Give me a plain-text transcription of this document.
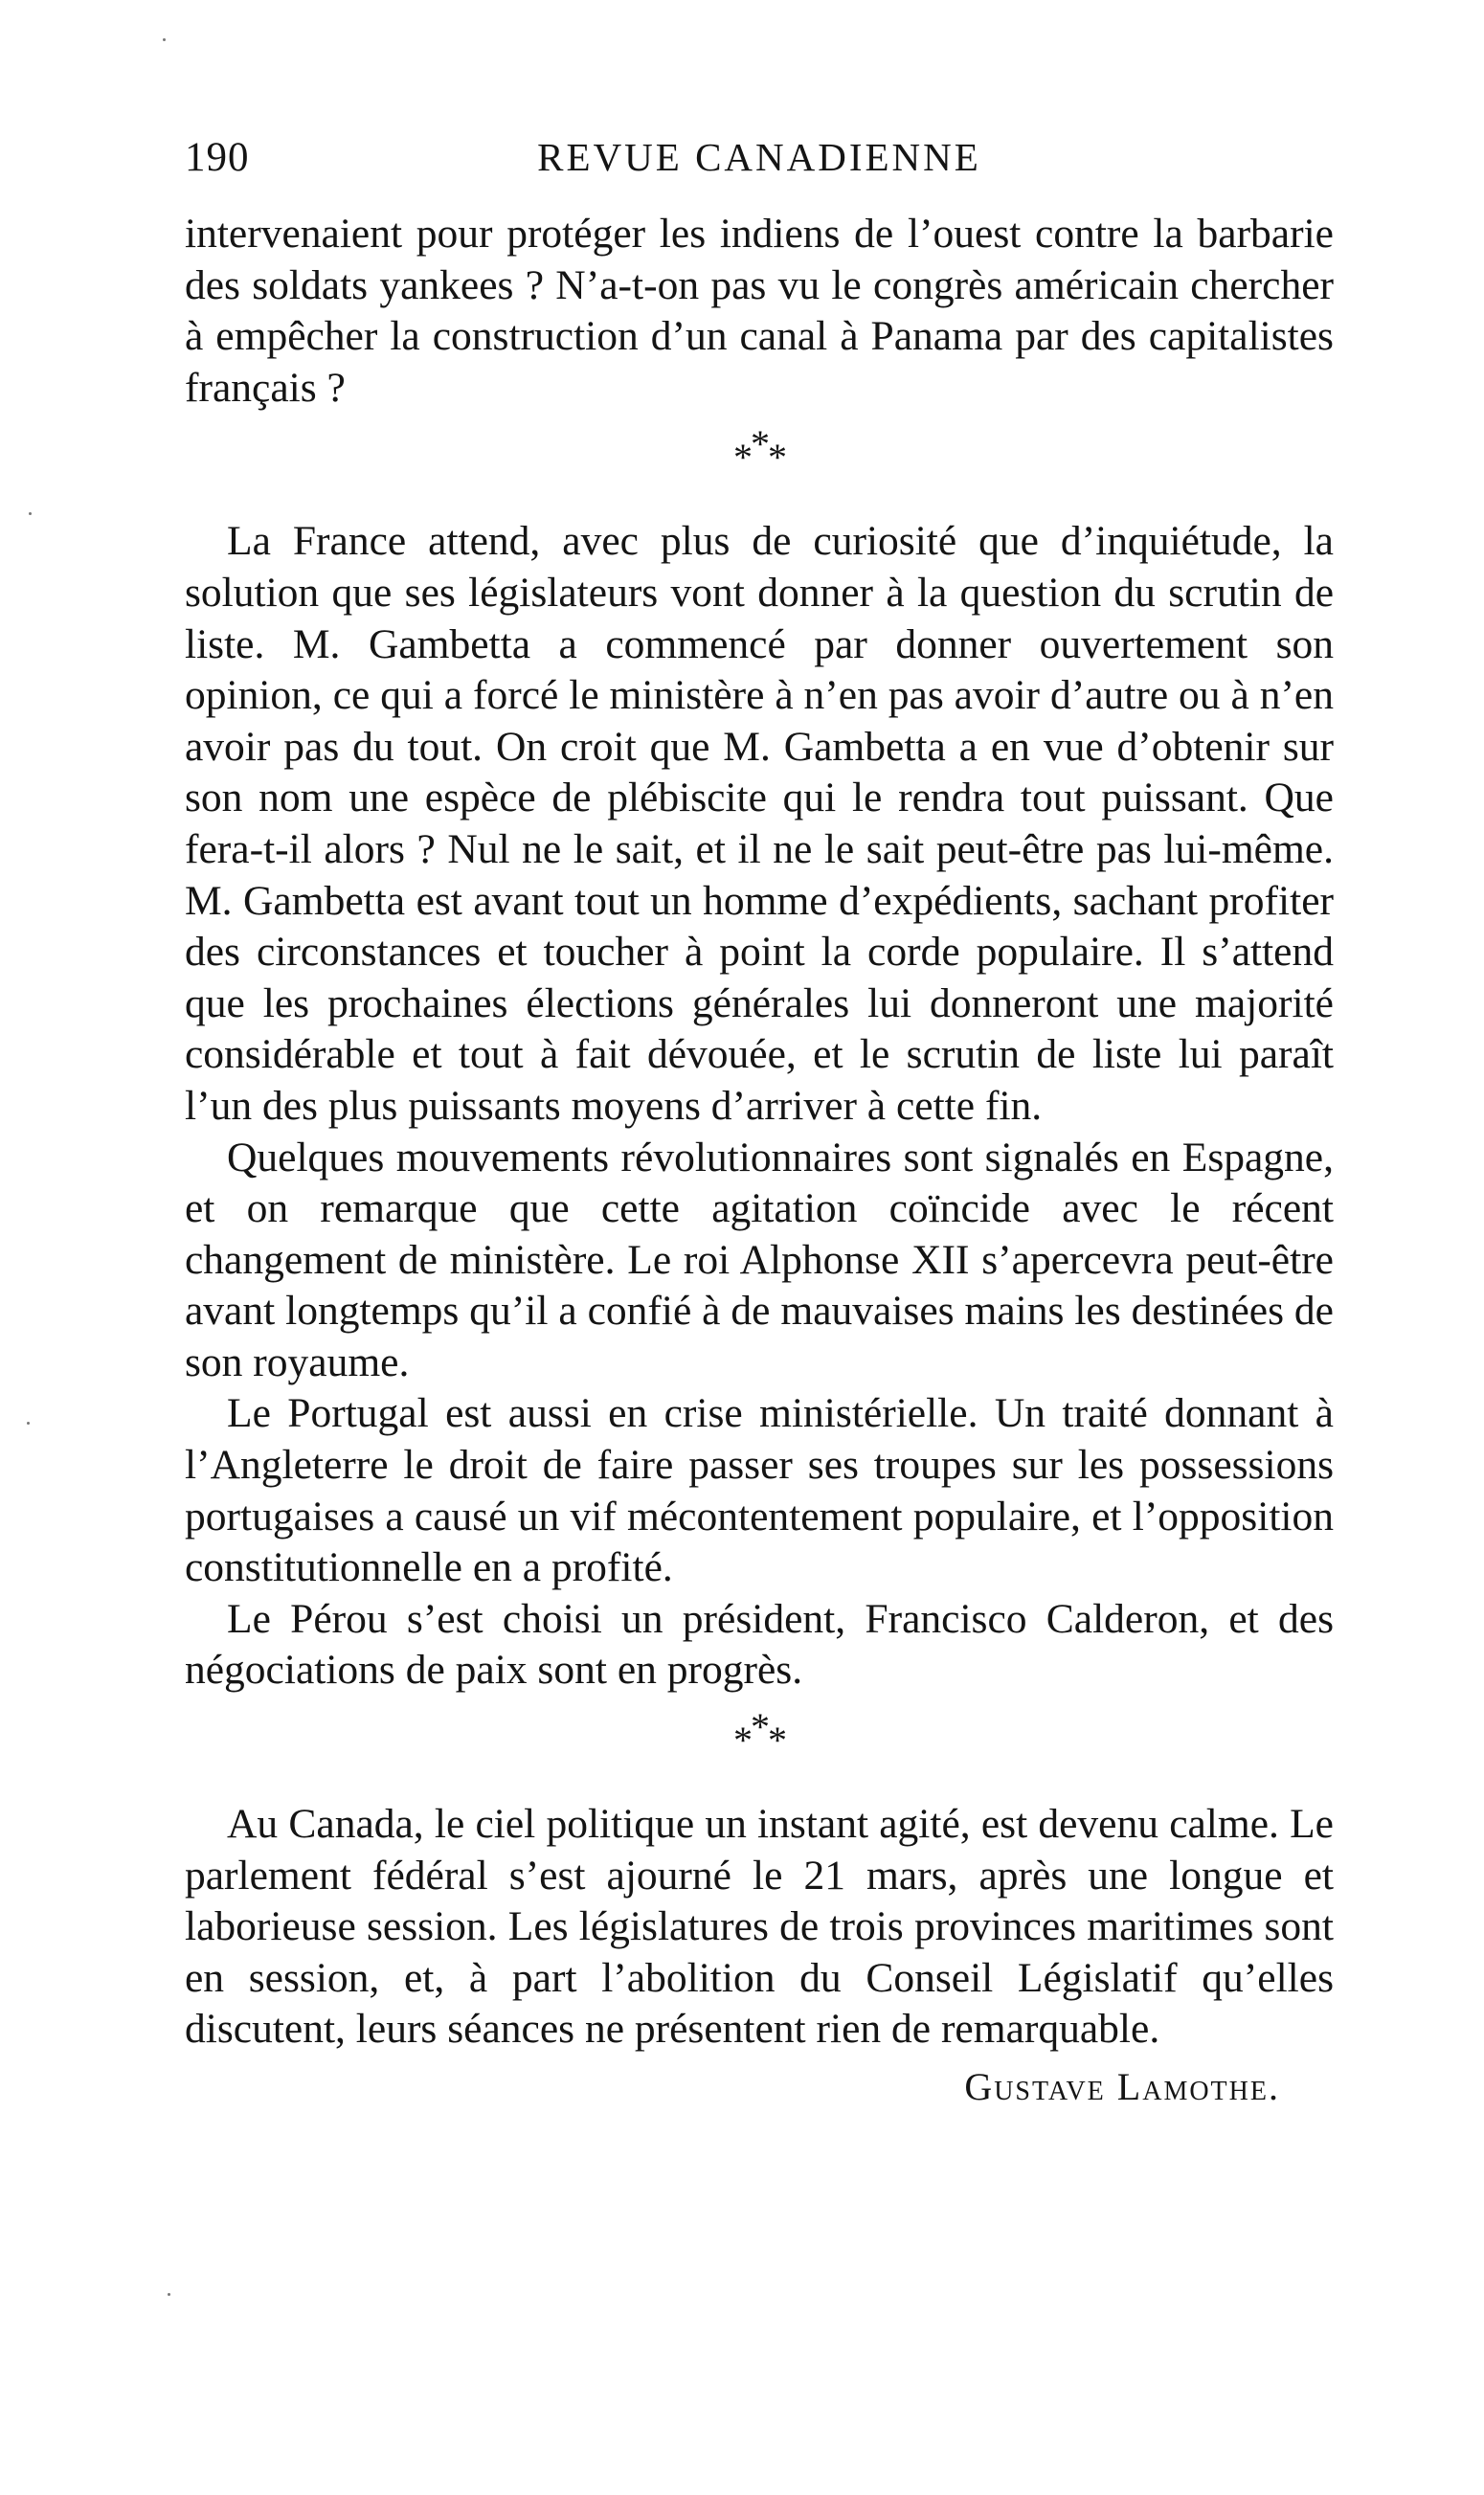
190	REVUE CANADIENNE

intervenaient pour protéger les indiens de l’ouest contre la barbarie des soldats yankees ? N’a-t-on pas vu le congrès américain chercher à empêcher la construction d’un canal à Panama par des capitalistes français ?

***

La France attend, avec plus de curiosité que d’inquiétude, la solution que ses législateurs vont donner à la question du scrutin de liste. M. Gambetta a commencé par donner ouvertement son opinion, ce qui a forcé le ministère à n’en pas avoir d’autre ou à n’en avoir pas du tout. On croit que M. Gambetta a en vue d’obtenir sur son nom une espèce de plébiscite qui le rendra tout puissant. Que fera-t-il alors ? Nul ne le sait, et il ne le sait peut-être pas lui-même. M. Gambetta est avant tout un homme d’expédients, sachant profiter des circonstances et toucher à point la corde populaire. Il s’attend que les prochaines élections générales lui donneront une majorité considérable et tout à fait dévouée, et le scrutin de liste lui paraît l’un des plus puissants moyens d’arriver à cette fin.

Quelques mouvements révolutionnaires sont signalés en Espagne, et on remarque que cette agitation coïncide avec le récent changement de ministère. Le roi Alphonse XII s’apercevra peut-être avant longtemps qu’il a confié à de mauvaises mains les destinées de son royaume.

Le Portugal est aussi en crise ministérielle. Un traité donnant à l’Angleterre le droit de faire passer ses troupes sur les possessions portugaises a causé un vif mécontentement populaire, et l’opposition constitutionnelle en a profité.

Le Pérou s’est choisi un président, Francisco Calderon, et des négociations de paix sont en progrès.

***

Au Canada, le ciel politique un instant agité, est devenu calme. Le parlement fédéral s’est ajourné le 21 mars, après une longue et laborieuse session. Les législatures de trois provinces maritimes sont en session, et, à part l’abolition du Conseil Législatif qu’elles discutent, leurs séances ne présentent rien de remarquable.

Gustave Lamothe.
